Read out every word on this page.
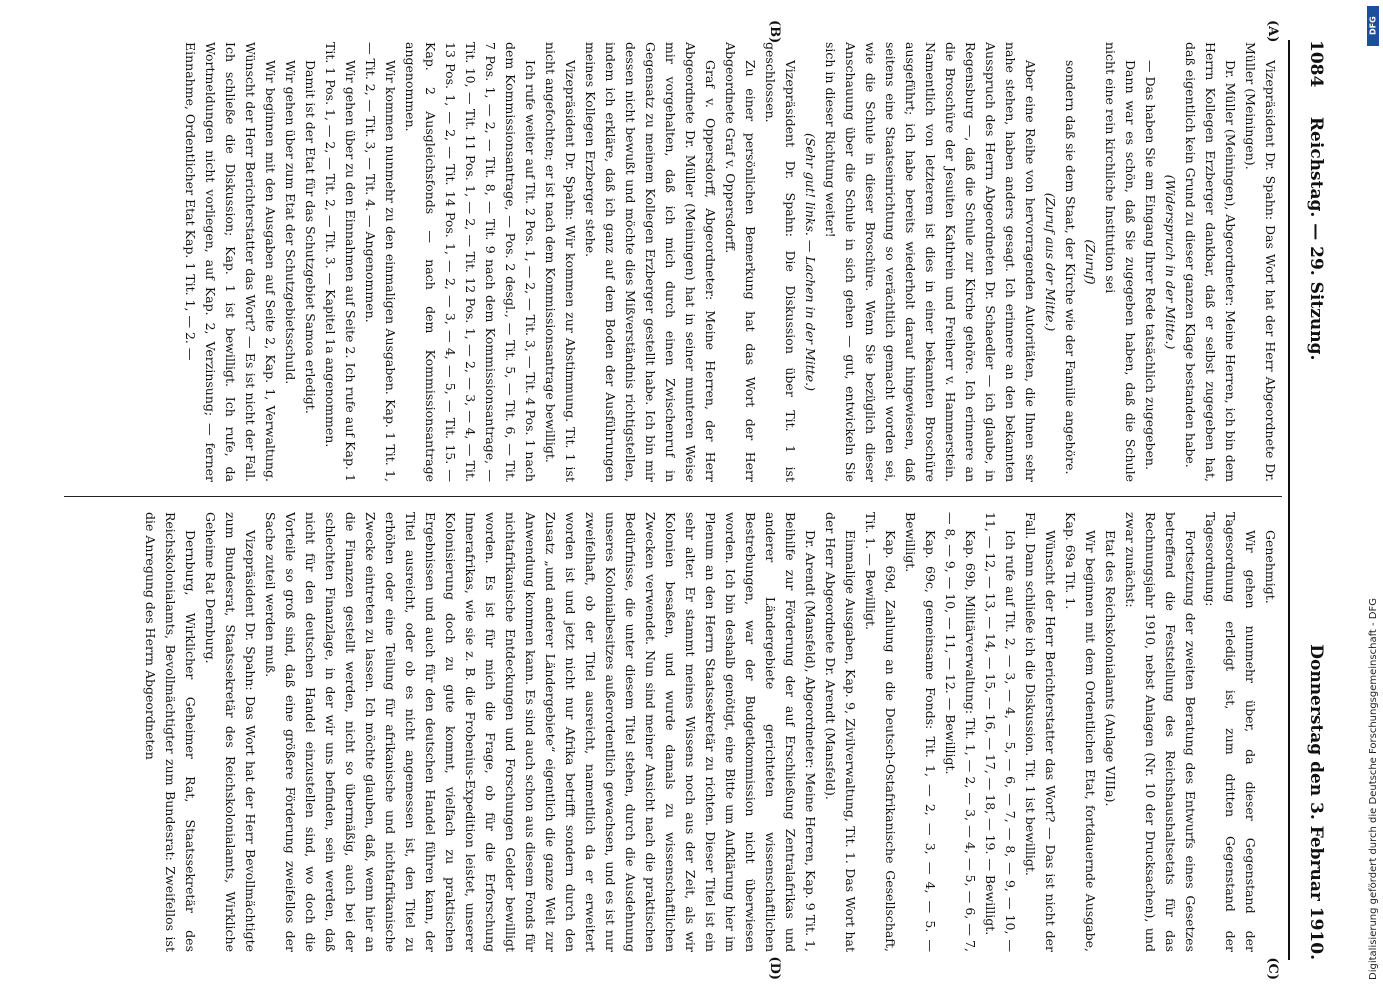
1084     Reichstag. — 29. Sitzung.
Donnerstag den 3. Februar 1910.
(A)
(B)
(C)
(D)

Vizepräsident Dr. Spahn: Das Wort hat der Herr Abgeordnete Dr. Müller (Meiningen).

Dr. Müller (Meiningen), Abgeordneter: Meine Herren, ich bin dem Herrn Kollegen Erzberger dankbar, daß er selbst zugegeben hat, daß eigentlich kein Grund zu dieser ganzen Klage bestanden habe.

(Widerspruch in der Mitte.)

— Das haben Sie am Eingang Ihrer Rede tatsächlich zugegeben.

Dann war es schön, daß Sie zugegeben haben, daß die Schule nicht eine rein kirchliche Institution sei

(Zuruf)

sondern daß sie dem Staat, der Kirche wie der Familie angehöre.

(Zuruf aus der Mitte.)

Aber eine Reihe von hervorragenden Autoritäten, die Ihnen sehr nahe stehen, haben anders gesagt. Ich erinnere an den bekannten Ausspruch des Herrn Abgeordneten Dr. Schaedler — ich glaube, in Regensburg —, daß die Schule zur Kirche gehöre. Ich erinnere an die Broschüre der Jesuiten Kathrein und Freiherr v. Hammerstein. Namentlich von letzterem ist dies in einer bekannten Broschüre ausgeführt; ich habe bereits wiederholt darauf hingewiesen, daß seitens eine Staatseinrichtung so verächtlich gemacht worden sei, wie die Schule in dieser Broschüre. Wenn Sie bezüglich dieser Anschauung über die Schule in sich gehen — gut, entwickeln Sie sich in dieser Richtung weiter!

(Sehr gut! links. — Lachen in der Mitte.)

Vizepräsident Dr. Spahn: Die Diskussion über Tit. 1 ist geschlossen.

Zu einer persönlichen Bemerkung hat das Wort der Herr Abgeordnete Graf v. Oppersdorff.

Graf v. Oppersdorff, Abgeordneter: Meine Herren, der Herr Abgeordnete Dr. Müller (Meiningen) hat in seiner munteren Weise mir vorgehalten, daß ich mich durch einen Zwischenruf in Gegensatz zu meinem Kollegen Erzberger gestellt habe. Ich bin mir dessen nicht bewußt und möchte dies Mißverständnis richtigstellen, indem ich erkläre, daß ich ganz auf dem Boden der Ausführungen meines Kollegen Erzberger stehe.

Vizepräsident Dr. Spahn: Wir kommen zur Abstimmung. Tit. 1 ist nicht angefochten; er ist nach dem Kommissionsantrage bewilligt.

Ich rufe weiter auf Tit. 2 Pos. 1, — 2, — Tit. 3, — Tit. 4 Pos. 1 nach dem Kommissionsantrage, — Pos. 2 desgl., — Tit. 5, — Tit. 6, — Tit. 7 Pos. 1, — 2, — Tit. 8, — Tit. 9 nach dem Kommissionsantrage, — Tit. 10, — Tit. 11 Pos. 1, — 2, — Tit. 12 Pos. 1, — 2, — 3, — 4, — Tit. 13 Pos. 1, — 2, — Tit. 14 Pos. 1, — 2, — 3, — 4, — 5, — Tit. 15. — Kap. 2 Ausgleichsfonds — nach dem Kommissionsantrage angenommen.

Wir kommen nunmehr zu den einmaligen Ausgaben. Kap. 1 Tit. 1, — Tit. 2, — Tit. 3, — Tit. 4. — Angenommen.

Wir gehen über zu den Einnahmen auf Seite 2. Ich rufe auf Kap. 1 Tit. 1 Pos. 1, — 2, — Tit. 2, — Tit. 3. — Kapitel 1a angenommen.

Damit ist der Etat für das Schutzgebiet Samoa erledigt.

Wir gehen über zum Etat der Schutzgebietsschuld.

Wir beginnen mit den Ausgaben auf Seite 2, Kap. 1, Verwaltung. Wünscht der Herr Berichterstatter das Wort? — Es ist nicht der Fall. Ich schließe die Diskussion; Kap. 1 ist bewilligt. Ich rufe, da Wortmeldungen nicht vorliegen, auf Kap. 2, Verzinsung; — ferner Einnahme, Ordentlicher Etat Kap. 1 Tit. 1, — 2. —

Genehmigt.

Wir gehen nunmehr über, da dieser Gegenstand der Tagesordnung erledigt ist, zum dritten Gegenstand der Tagesordnung:

Fortsetzung der zweiten Beratung des Entwurfs eines Gesetzes betreffend die Feststellung des Reichshaushaltsetats für das Rechnungsjahr 1910, nebst Anlagen (Nr. 10 der Drucksachen), und zwar zunächst:

Etat des Reichskolonialamts (Anlage VIIIa).

Wir beginnen mit dem Ordentlichen Etat, fortdauernde Ausgabe, Kap. 69a Tit. 1.

Wünscht der Herr Berichterstatter das Wort? — Das ist nicht der Fall. Dann schließe ich die Diskussion. Tit. 1 ist bewilligt.

Ich rufe auf Tit. 2, — 3, — 4, — 5, — 6, — 7, — 8, — 9, — 10, — 11, — 12, — 13, — 14, — 15, — 16, — 17, — 18, — 19. — Bewilligt.

Kap. 69b, Militärverwaltung: Tit. 1, — 2, — 3, — 4, — 5, — 6, — 7, — 8, — 9, — 10, — 11, — 12. — Bewilligt.

Kap. 69c, gemeinsame Fonds: Tit. 1, — 2, — 3, — 4, — 5. — Bewilligt.

Kap. 69d, Zahlung an die Deutsch-Ostafrikanische Gesellschaft, Tit. 1. — Bewilligt.

Einmalige Ausgaben, Kap. 9, Zivilverwaltung, Tit. 1. Das Wort hat der Herr Abgeordnete Dr. Arendt (Mansfeld).

Dr. Arendt (Mansfeld), Abgeordneter: Meine Herren, Kap. 9 Tit. 1, Beihilfe zur Förderung der auf Erschließung Zentralafrikas und anderer Ländergebiete gerichteten wissenschaftlichen Bestrebungen, war der Budgetkommission nicht überwiesen worden. Ich bin deshalb genötigt, eine Bitte um Aufklärung hier im Plenum an den Herrn Staatssekretär zu richten. Dieser Titel ist ein sehr alter. Er stammt meines Wissens noch aus der Zeit, als wir Kolonien besaßen, und wurde damals zu wissenschaftlichen Zwecken verwendet. Nun sind meiner Ansicht nach die praktischen Bedürfnisse, die unter diesem Titel stehen, durch die Ausdehnung unseres Kolonialbesitzes außerordentlich gewachsen, und es ist nur zweifelhaft, ob der Titel ausreicht, namentlich da er erweitert worden ist und jetzt nicht nur Afrika betrifft sondern durch den Zusatz „und anderer Ländergebiete“ eigentlich die ganze Welt zur Anwendung kommen kann. Es sind auch schon aus diesem Fonds für nichtafrikanische Entdeckungen und Forschungen Gelder bewilligt worden. Es ist für mich die Frage, ob für die Erforschung Innerafrikas, wie sie z. B. die Frobenius-Expedition leistet, unserer Kolonisierung doch zu gute kommt, vielfach zu praktischen Ergebnissen und auch für den deutschen Handel führen kann, der Titel ausreicht, oder ob es nicht angemessen ist, den Titel zu erhöhen oder eine Teilung für afrikanische und nichtafrikanische Zwecke eintreten zu lassen. Ich möchte glauben, daß, wenn hier an die Finanzen gestellt werden, nicht so übermäßig, auch bei der schlechten Finanzlage, in der wir uns befinden, sein werden, daß nicht für den deutschen Handel einzustellen sind, wo doch die Vorteile so groß sind, daß eine größere Förderung zweifellos der Sache zuteil werden muß.

Vizepräsident Dr. Spahn: Das Wort hat der Herr Bevollmächtigte zum Bundesrat, Staatssekretär des Reichskolonialamts, Wirkliche Geheime Rat Dernburg.

Dernburg, Wirklicher Geheimer Rat, Staatssekretär des Reichskolonialamts, Bevollmächtigter zum Bundesrat: Zweifellos ist die Anregung des Herrn Abgeordneten	Digitalisierung gefördert durch die Deutsche Forschungsgemeinschaft - DFG
DFG
